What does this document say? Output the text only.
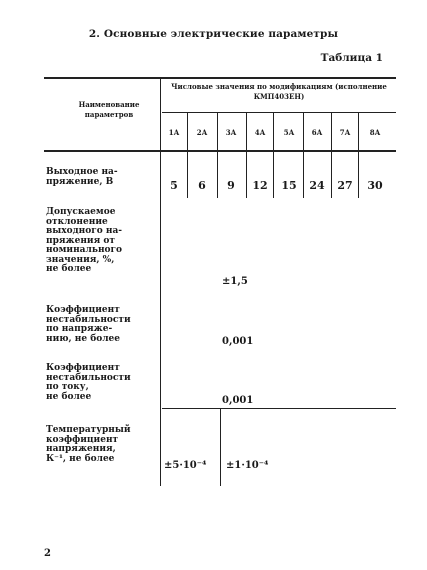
2. Основные электрические параметры
Таблица 1
Наименование параметров
Числовые значения по модификациям (исполнение КМП403ЕН)
1А	2А	3А	4А	5А	6А	7А	8А
Выходное на-
пряжение, В	5	6	9	12	15	24	27	30
Допускаемое
отклонение
выходного на-
пряжения от
номинального
значения, %,
не более
±1,5
Коэффициент
нестабильности
по напряже-
нию, не более	0,001
Коэффициент
нестабильности
по току,
не более	0,001
Температурный
коэффициент
напряжения,
К⁻¹, не более
±5·10⁻⁴ ±1·10⁻⁴
2
